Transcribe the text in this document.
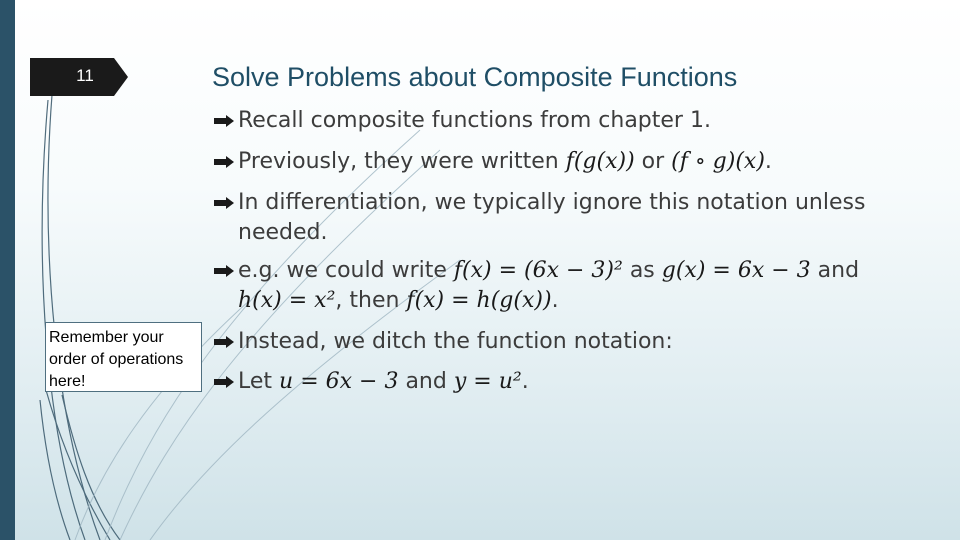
11	Solve Problems about Composite Functions
Remember your order of operations here!
Recall composite functions from chapter 1.
Previously, they were written f(g(x)) or (f ∘ g)(x).
In differentiation, we typically ignore this notation unless needed.
e.g. we could write f(x) = (6x − 3)² as g(x) = 6x − 3 and
h(x) = x², then f(x) = h(g(x)).
Instead, we ditch the function notation:
Let u = 6x − 3 and y = u².
